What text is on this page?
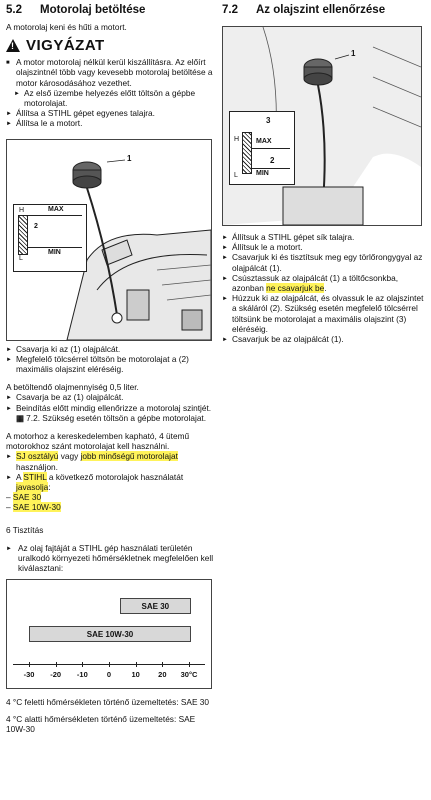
5.2 Motorolaj betöltése

A motorolaj keni és hűti a motort.

! VIGYÁZAT
■ A motor motorolaj nélkül kerül kiszállításra. Az előírt olajszintnél több vagy kevesebb motorolaj betöltése a motor károsodásához vezethet.
► Az első üzembe helyezés előtt töltsön a gépbe motorolajat.
► Állítsa a STIHL gépet egyenes talajra.
► Állítsa le a motort.
1
H
L
MAX
2
MIN
► Csavarja ki az (1) olajpálcát.
► Megfelelő tölcsérrel töltsön be motorolajat a (2) maximális olajszint eléréséig.

A betöltendő olajmennyiség 0,5 liter.

► Csavarja be az (1) olajpálcát.
► Beindítás előtt mindig ellenőrizze a motorolaj szintjét. ▦ 7.2. Szükség esetén töltsön a gépbe motorolajat.

A motorhoz a kereskedelemben kapható, 4 ütemű motorokhoz szánt motorolajat kell használni.

► SJ osztályú vagy jobb minőségű motorolajat használjon.
► A STIHL a következő motorolajok használatát javasolja:
– SAE 30
– SAE 10W-30

6 Tisztítás

► Az olaj fajtáját a STIHL gép használati területén uralkodó környezeti hőmérsékletnek megfelelően kell kiválasztani:
SAE 30
SAE 10W-30
-30 -20 -10	0	10 20 30°C

4 °C feletti hőmérsékleten történő üzemeltetés: SAE 30

4 °C alatti hőmérsékleten történő üzemeltetés: SAE 10W-30

7.2 Az olajszint ellenőrzése
1
H
L
3
MAX
2
MIN
► Állítsuk a STIHL gépet sík talajra.
► Állítsuk le a motort.
► Csavarjuk ki és tisztítsuk meg egy törlőrongygyal az olajpálcát (1).
► Csúsztassuk az olajpálcát (1) a töltőcsonkba, azonban ne csavarjuk be.
► Húzzuk ki az olajpálcát, és olvassuk le az olajszintet a skáláról (2). Szükség esetén megfelelő tölcsérrel töltsünk be motorolajat a maximális olajszint (3) eléréséig.
► Csavarjuk be az olajpálcát (1).
